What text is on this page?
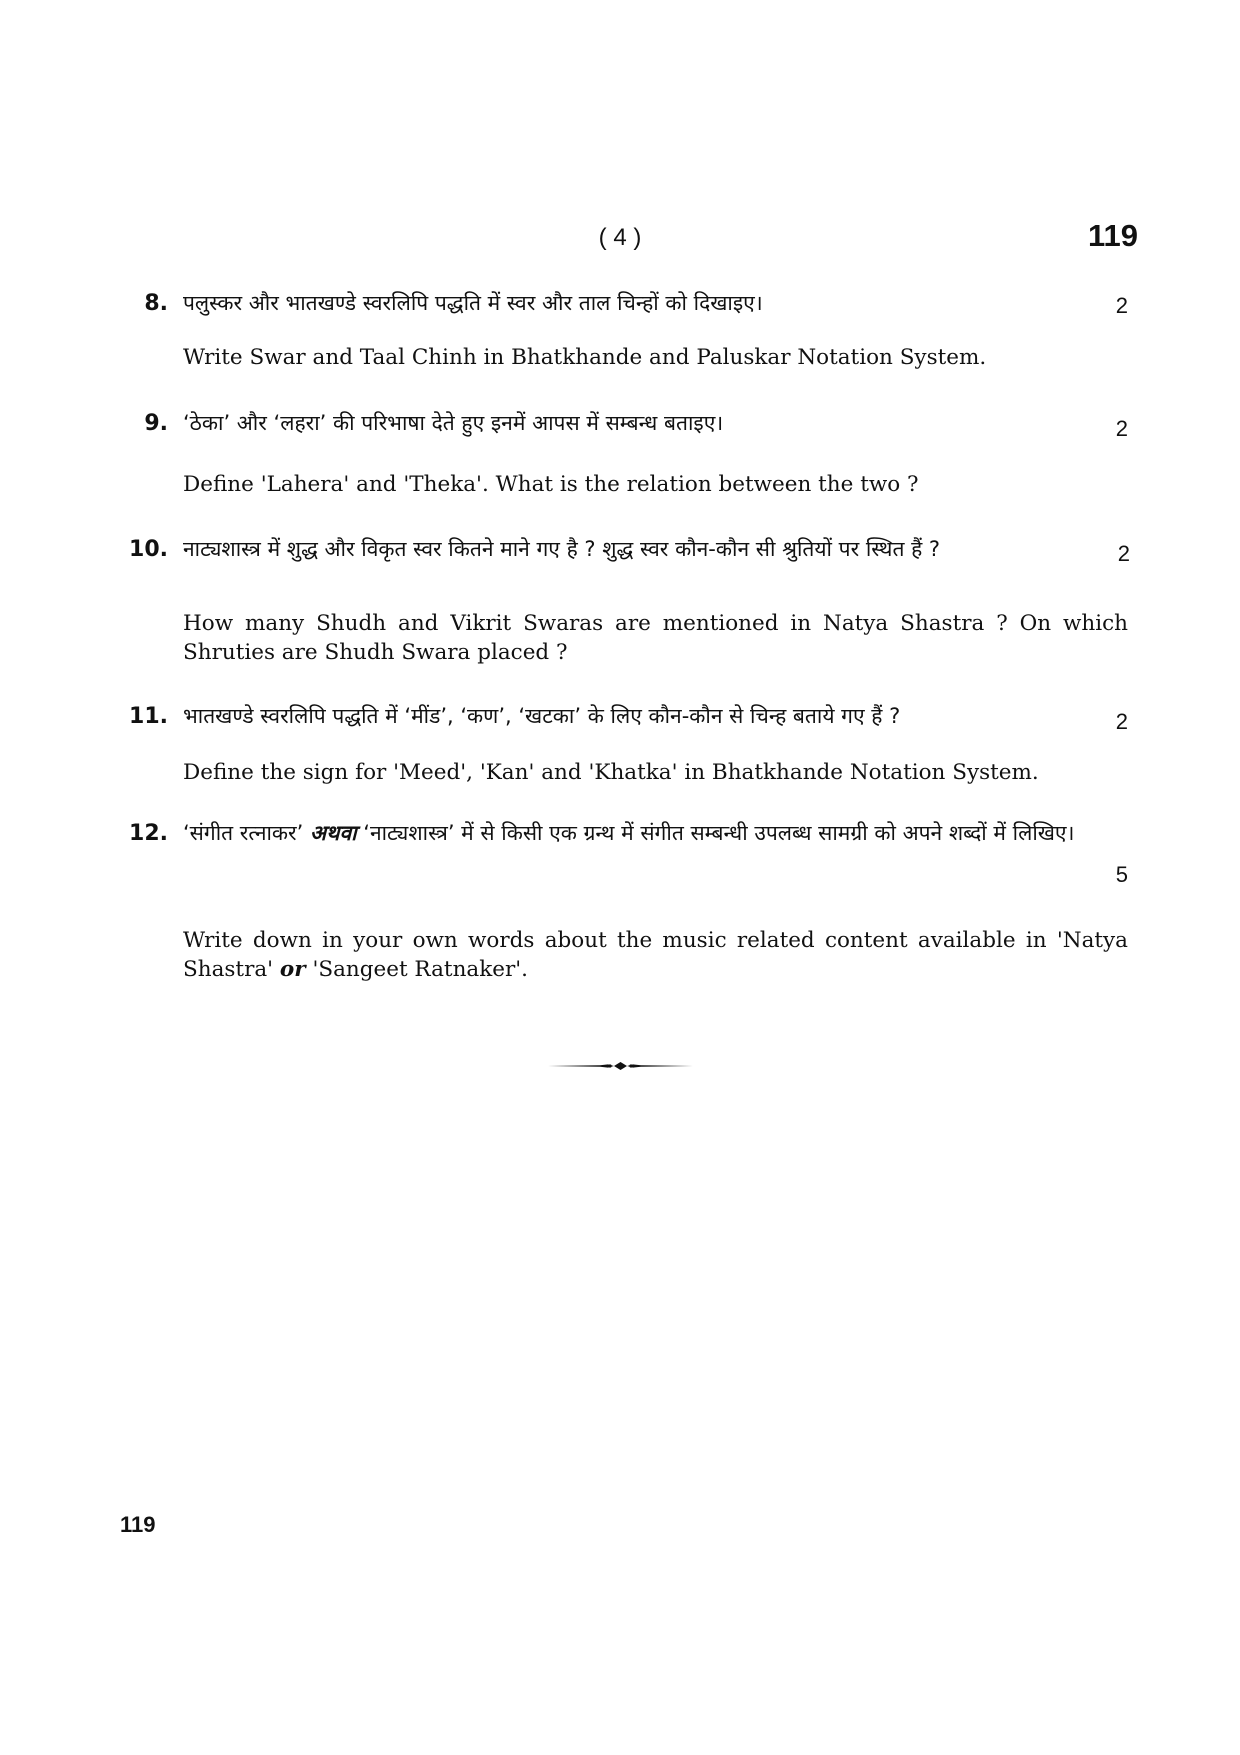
( 4 )	119
8. पलुस्कर और भातखण्डे स्वरलिपि पद्धति में स्वर और ताल चिन्हों को दिखाइए।	2
Write Swar and Taal Chinh in Bhatkhande and Paluskar Notation System.
9. ‘ठेका’ और ‘लहरा’ की परिभाषा देते हुए इनमें आपस में सम्बन्ध बताइए।	2
Define 'Lahera' and 'Theka'. What is the relation between the two ?
10. नाट्यशास्त्र में शुद्ध और विकृत स्वर कितने माने गए है ? शुद्ध स्वर कौन-कौन सी श्रुतियों पर स्थित हैं ?	2
How many Shudh and Vikrit Swaras are mentioned in Natya Shastra ? On which Shruties are Shudh Swara placed ?
11. भातखण्डे स्वरलिपि पद्धति में ‘मींड’, ‘कण’, ‘खटका’ के लिए कौन-कौन से चिन्ह बताये गए हैं ?	2
Define the sign for 'Meed', 'Kan' and 'Khatka' in Bhatkhande Notation System.
12. ‘संगीत रत्नाकर’ अथवा ‘नाट्यशास्त्र’ में से किसी एक ग्रन्थ में संगीत सम्बन्धी उपलब्ध सामग्री को अपने शब्दों में लिखिए।
5
Write down in your own words about the music related content available in 'Natya Shastra' or 'Sangeet Ratnaker'.
119
